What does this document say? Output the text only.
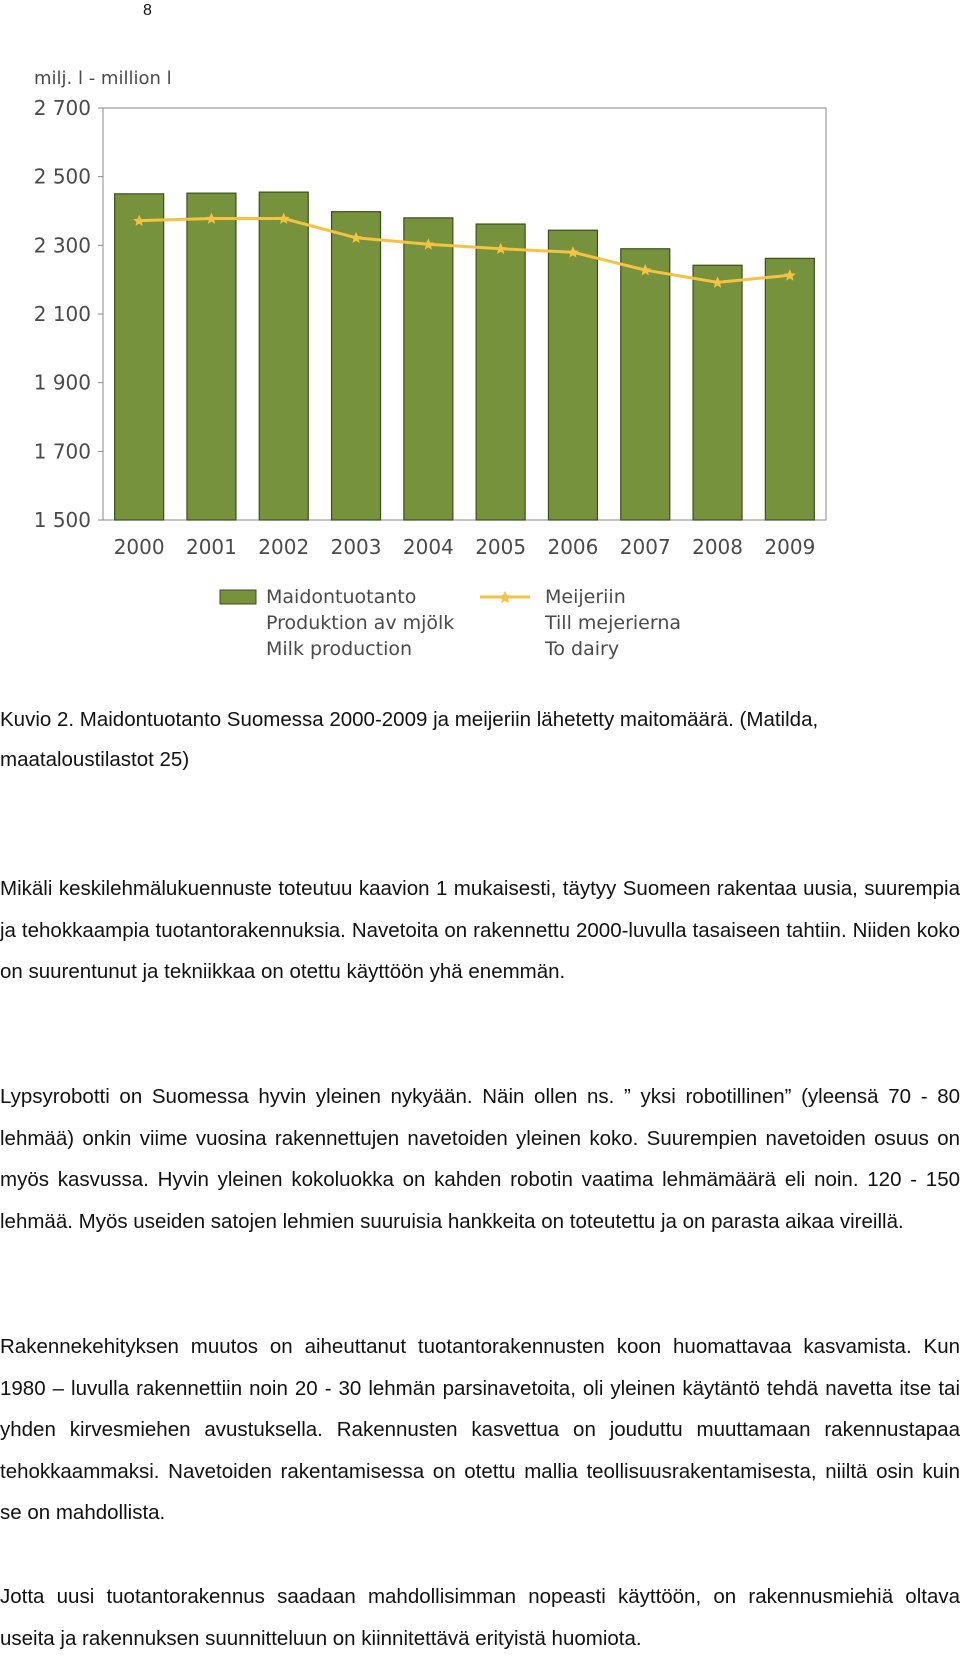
8
milj. l - million l
1 500
1 700
1 900
2 100
2 300
2 500
2 700
2000 2001 2002 2003 2004 2005 2006 2007 2008 2009
Maidontuotanto
Produktion av mjölk
Milk production
Meijeriin
Till mejerierna
To dairy
Kuvio 2. Maidontuotanto Suomessa 2000-2009 ja meijeriin lähetetty maitomäärä. (Matilda, maataloustilastot 25)
Mikäli keskilehmälukuennuste toteutuu kaavion 1 mukaisesti, täytyy Suomeen rakentaa uusia, suurempia ja tehokkaampia tuotantorakennuksia. Navetoita on rakennettu 2000-luvulla tasaiseen tahtiin. Niiden koko on suurentunut ja tekniikkaa on otettu käyttöön yhä enemmän.
Lypsyrobotti on Suomessa hyvin yleinen nykyään. Näin ollen ns. ” yksi robotillinen” (yleensä 70 - 80 lehmää) onkin viime vuosina rakennettujen navetoiden yleinen koko. Suurempien navetoiden osuus on myös kasvussa. Hyvin yleinen kokoluokka on kahden robotin vaatima lehmämäärä eli noin. 120 - 150 lehmää. Myös useiden satojen lehmien suuruisia hankkeita on toteutettu ja on parasta aikaa vireillä.
Rakennekehityksen muutos on aiheuttanut tuotantorakennusten koon huomattavaa kasvamista. Kun 1980 – luvulla rakennettiin noin 20 - 30 lehmän parsinavetoita, oli yleinen käytäntö tehdä navetta itse tai yhden kirvesmiehen avustuksella. Rakennusten kasvettua on jouduttu muuttamaan rakennustapaa tehokkaammaksi. Navetoiden rakentamisessa on otettu mallia teollisuusrakentamisesta, niiltä osin kuin se on mahdollista.
Jotta uusi tuotantorakennus saadaan mahdollisimman nopeasti käyttöön, on rakennusmiehiä oltava useita ja rakennuksen suunnitteluun on kiinnitettävä erityistä huomiota.
